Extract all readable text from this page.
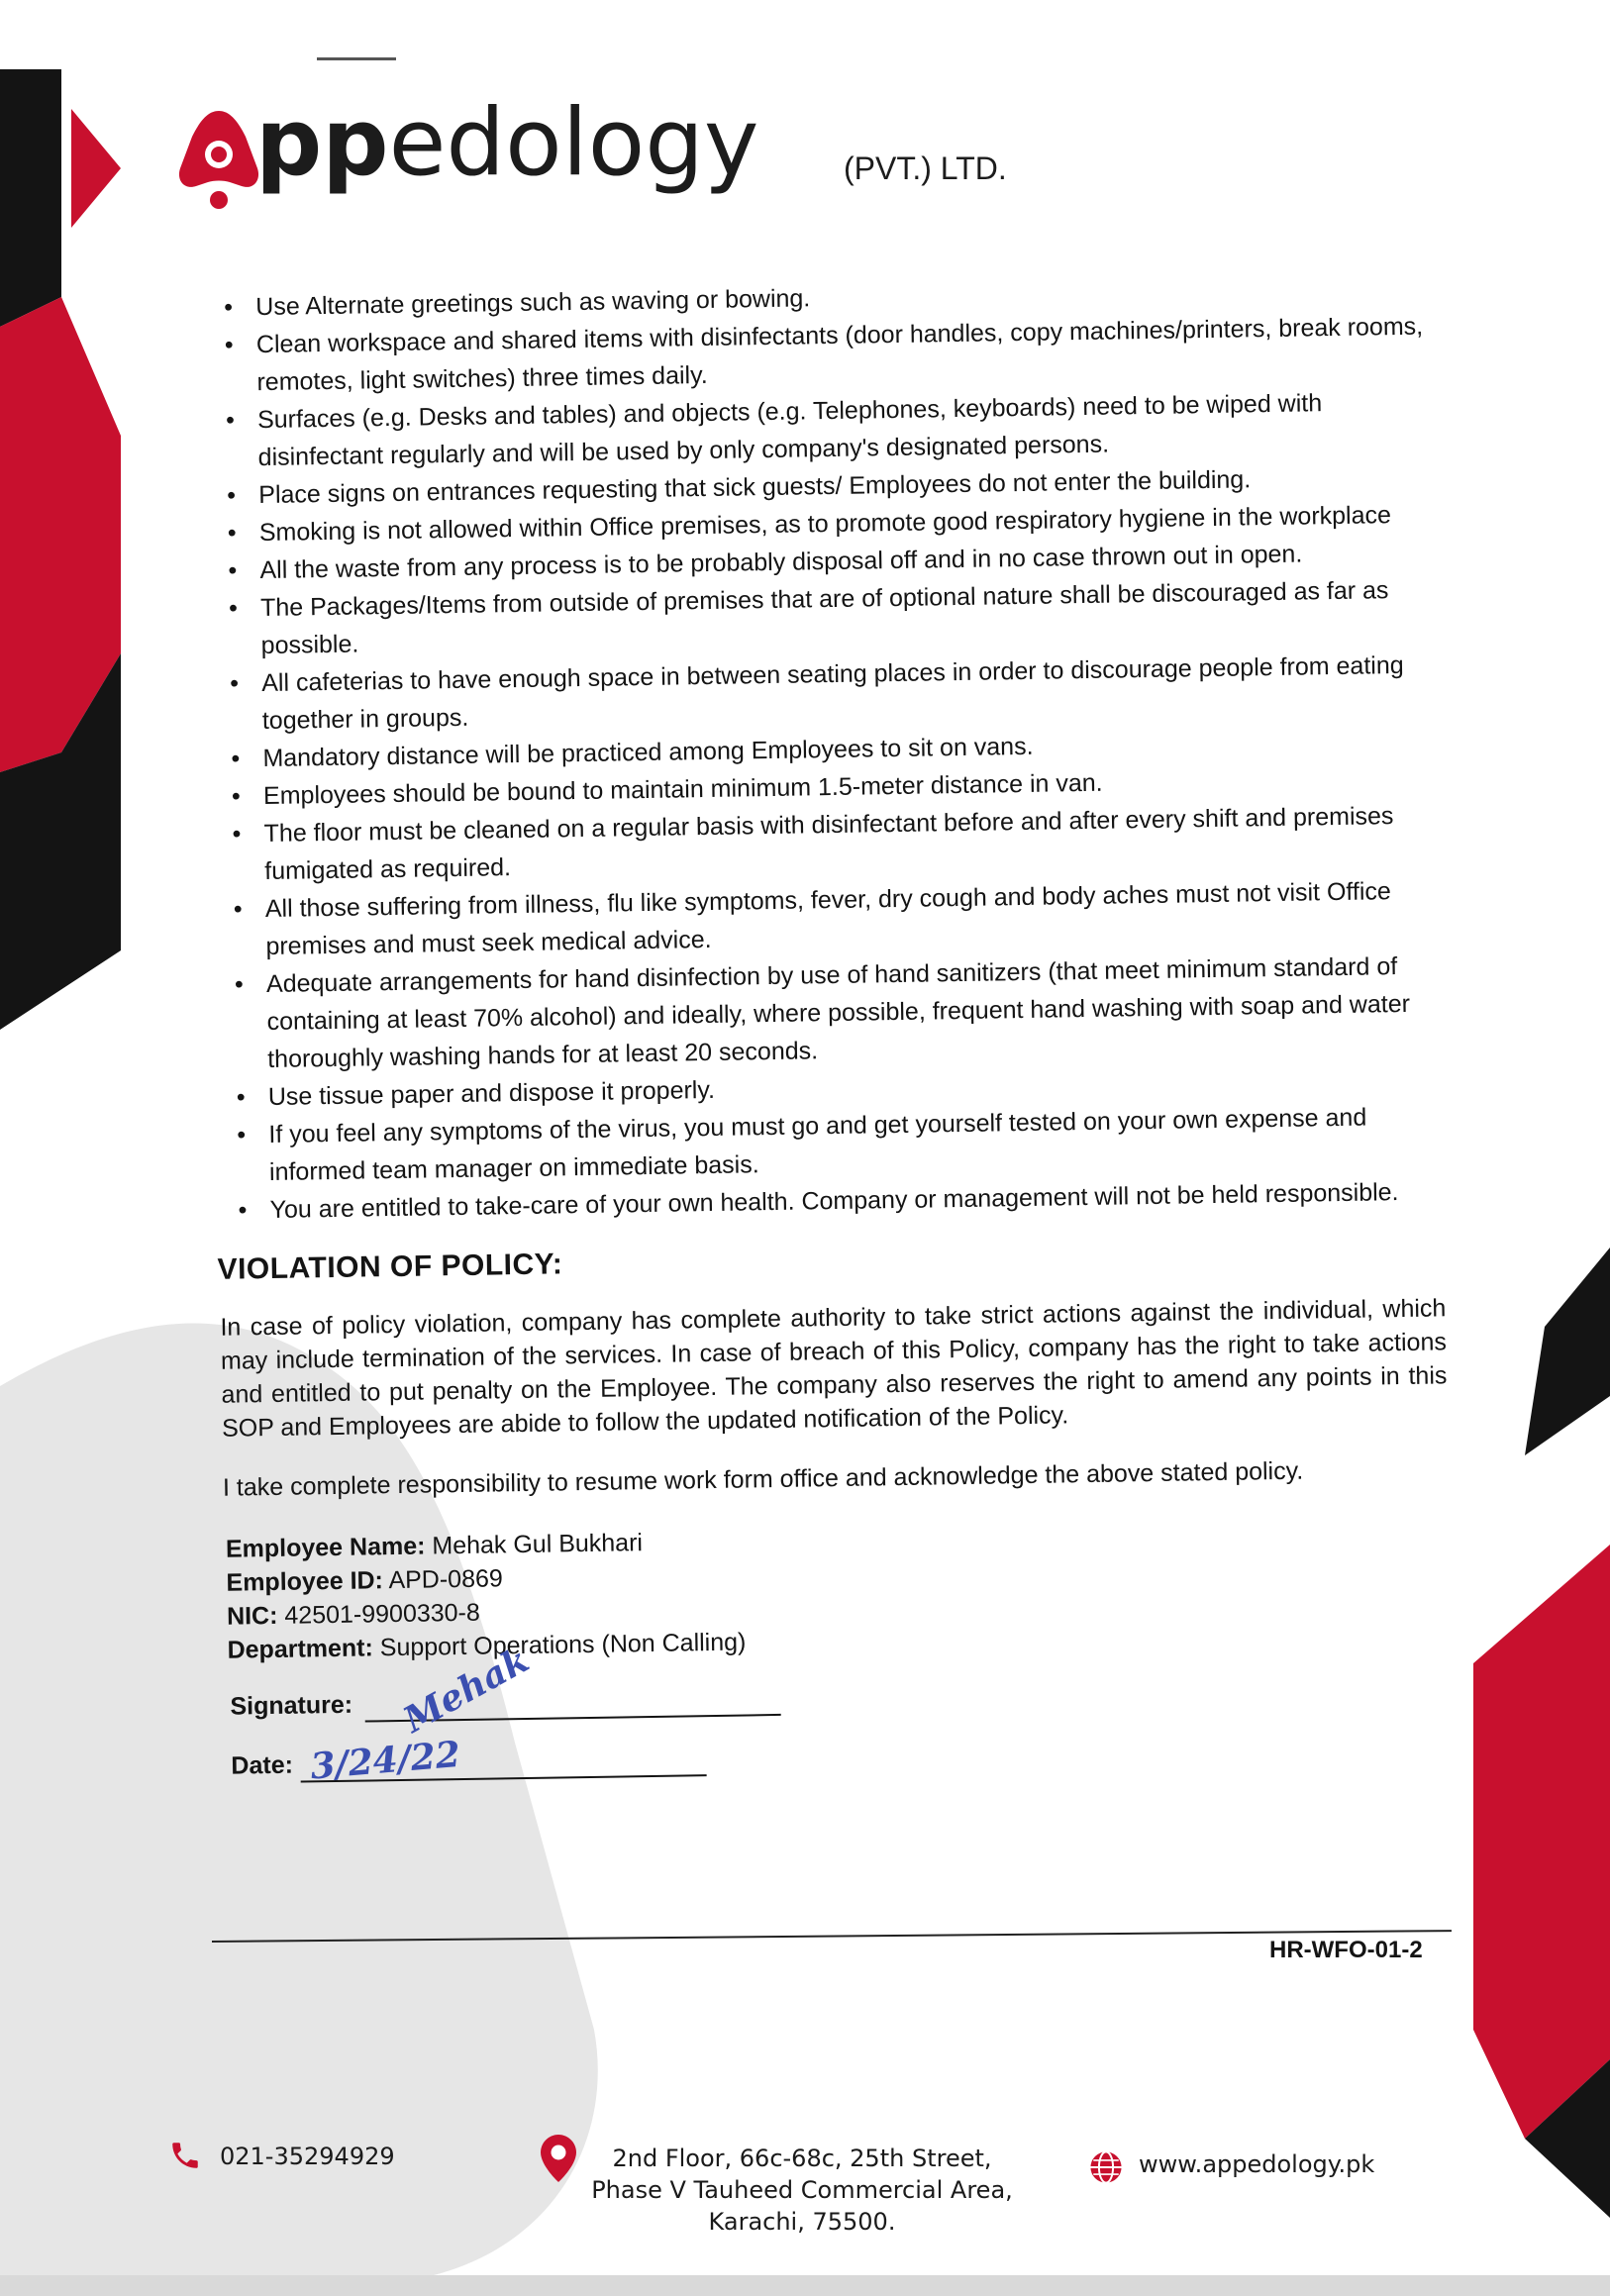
ppedology	(PVT.) LTD.
• Use Alternate greetings such as waving or bowing.
• Clean workspace and shared items with disinfectants (door handles, copy machines/printers, break rooms, remotes, light switches) three times daily.
• Surfaces (e.g. Desks and tables) and objects (e.g. Telephones, keyboards) need to be wiped with disinfectant regularly and will be used by only company's designated persons.
• Place signs on entrances requesting that sick guests/ Employees do not enter the building.
• Smoking is not allowed within Office premises, as to promote good respiratory hygiene in the workplace
• All the waste from any process is to be probably disposal off and in no case thrown out in open.
• The Packages/Items from outside of premises that are of optional nature shall be discouraged as far as possible.
• All cafeterias to have enough space in between seating places in order to discourage people from eating together in groups.
• Mandatory distance will be practiced among Employees to sit on vans.
• Employees should be bound to maintain minimum 1.5-meter distance in van.
• The floor must be cleaned on a regular basis with disinfectant before and after every shift and premises fumigated as required.
• All those suffering from illness, flu like symptoms, fever, dry cough and body aches must not visit Office premises and must seek medical advice.
• Adequate arrangements for hand disinfection by use of hand sanitizers (that meet minimum standard of containing at least 70% alcohol) and ideally, where possible, frequent hand washing with soap and water thoroughly washing hands for at least 20 seconds.
• Use tissue paper and dispose it properly.
• If you feel any symptoms of the virus, you must go and get yourself tested on your own expense and informed team manager on immediate basis.
• You are entitled to take-care of your own health. Company or management will not be held responsible.
VIOLATION OF POLICY:

In case of policy violation, company has complete authority to take strict actions against the individual, which may include termination of the services. In case of breach of this Policy, company has the right to take actions and entitled to put penalty on the Employee. The company also reserves the right to amend any points in this SOP and Employees are abide to follow the updated notification of the Policy.

I take complete responsibility to resume work form office and acknowledge the above stated policy.

Employee Name: Mehak Gul Bukhari
Employee ID: APD-0869
NIC: 42501-9900330-8
Department: Support Operations (Non Calling)
Signature: Mehak
Date: 3/24/22
HR-WFO-01-2
021-35294929	2nd Floor, 66c-68c, 25th Street,
Phase V Tauheed Commercial Area,
Karachi, 75500.
www.appedology.pk
